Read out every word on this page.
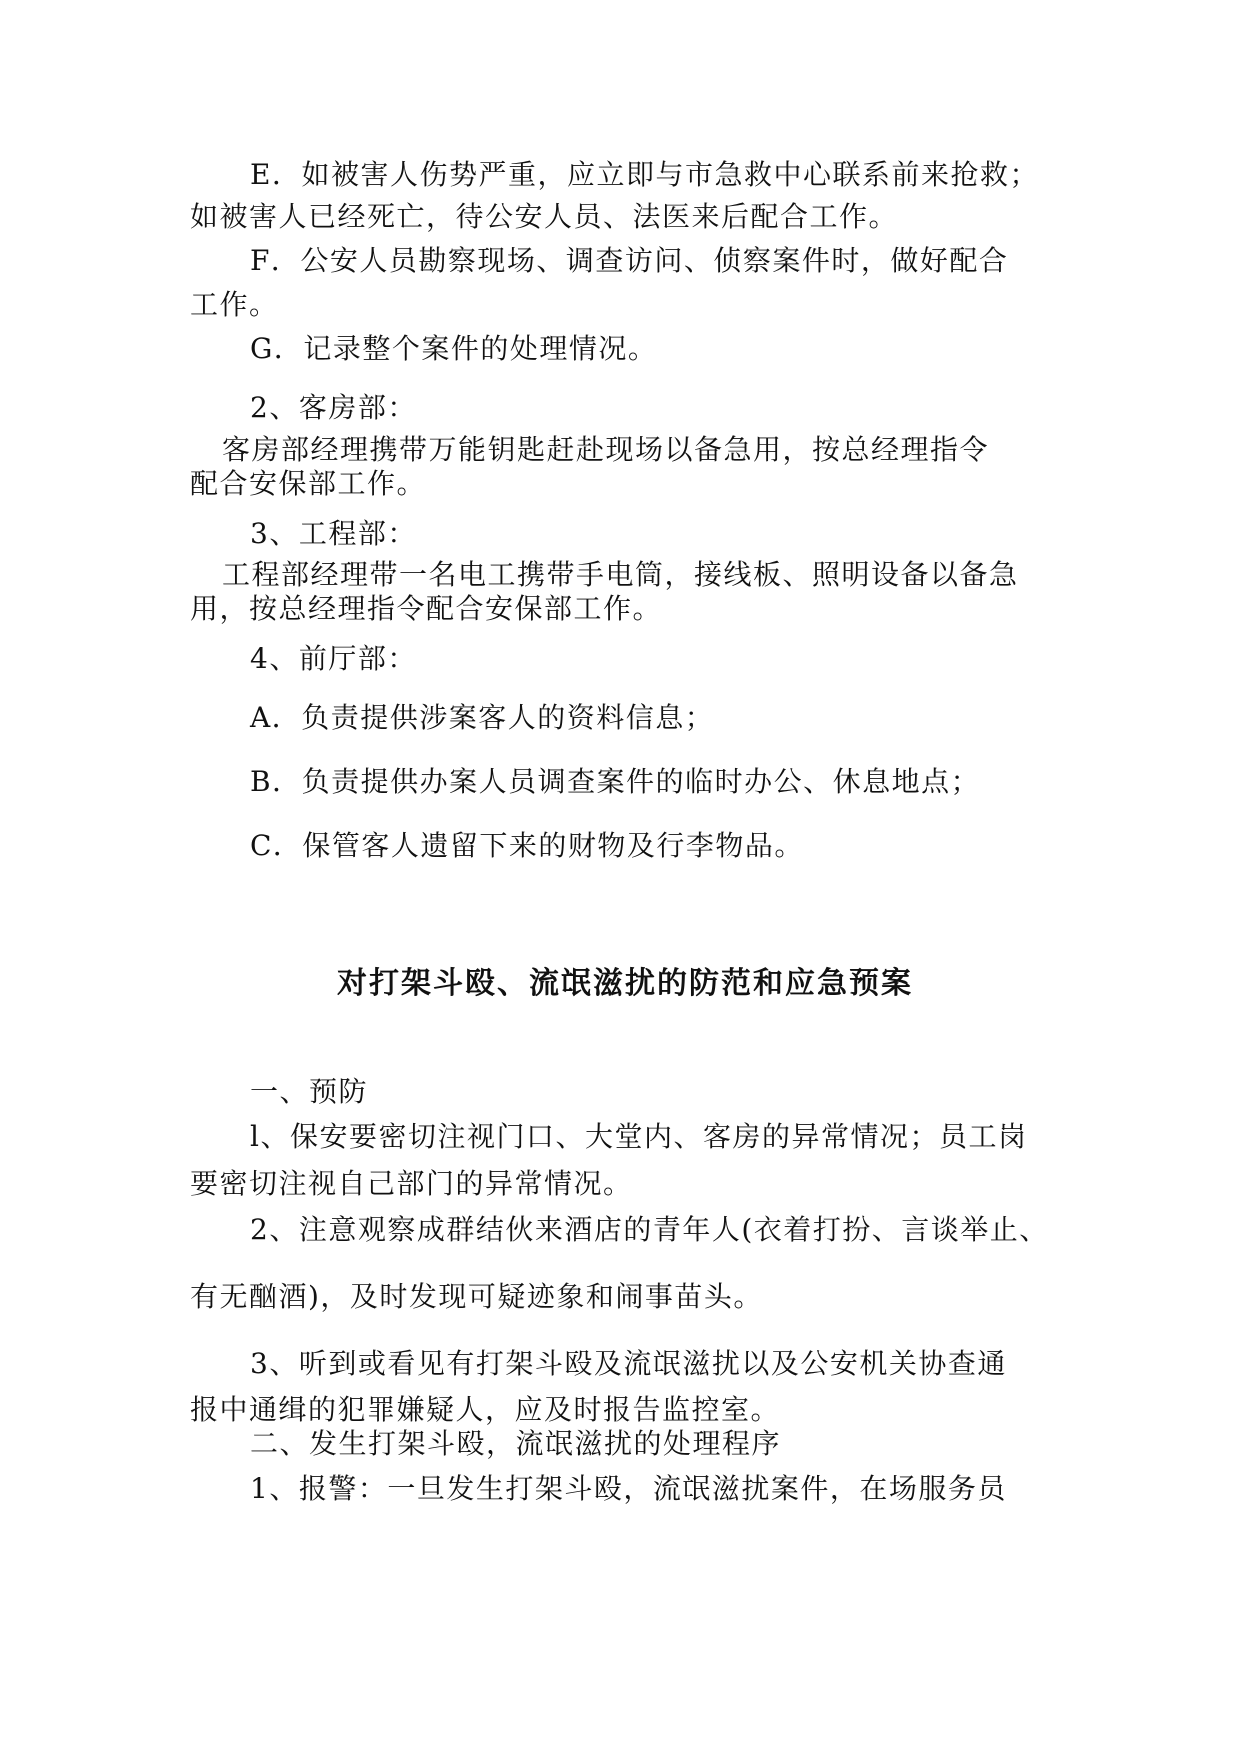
E．如被害人伤势严重，应立即与市急救中心联系前来抢救；
如被害人已经死亡，待公安人员、法医来后配合工作。
F．公安人员勘察现场、调查访问、侦察案件时，做好配合
工作。
G．记录整个案件的处理情况。
2、客房部：
客房部经理携带万能钥匙赶赴现场以备急用，按总经理指令
配合安保部工作。
3、工程部：
工程部经理带一名电工携带手电筒，接线板、照明设备以备急
用，按总经理指令配合安保部工作。
4、前厅部：
A．负责提供涉案客人的资料信息；
B．负责提供办案人员调查案件的临时办公、休息地点；
C．保管客人遗留下来的财物及行李物品。
对打架斗殴、流氓滋扰的防范和应急预案
一、预防
l、保安要密切注视门口、大堂内、客房的异常情况；员工岗
要密切注视自己部门的异常情况。
2、注意观察成群结伙来酒店的青年人(衣着打扮、言谈举止、
有无酗酒)，及时发现可疑迹象和闹事苗头。
3、听到或看见有打架斗殴及流氓滋扰以及公安机关协查通
报中通缉的犯罪嫌疑人，应及时报告监控室。
二、发生打架斗殴，流氓滋扰的处理程序
1、报警：一旦发生打架斗殴，流氓滋扰案件，在场服务员
